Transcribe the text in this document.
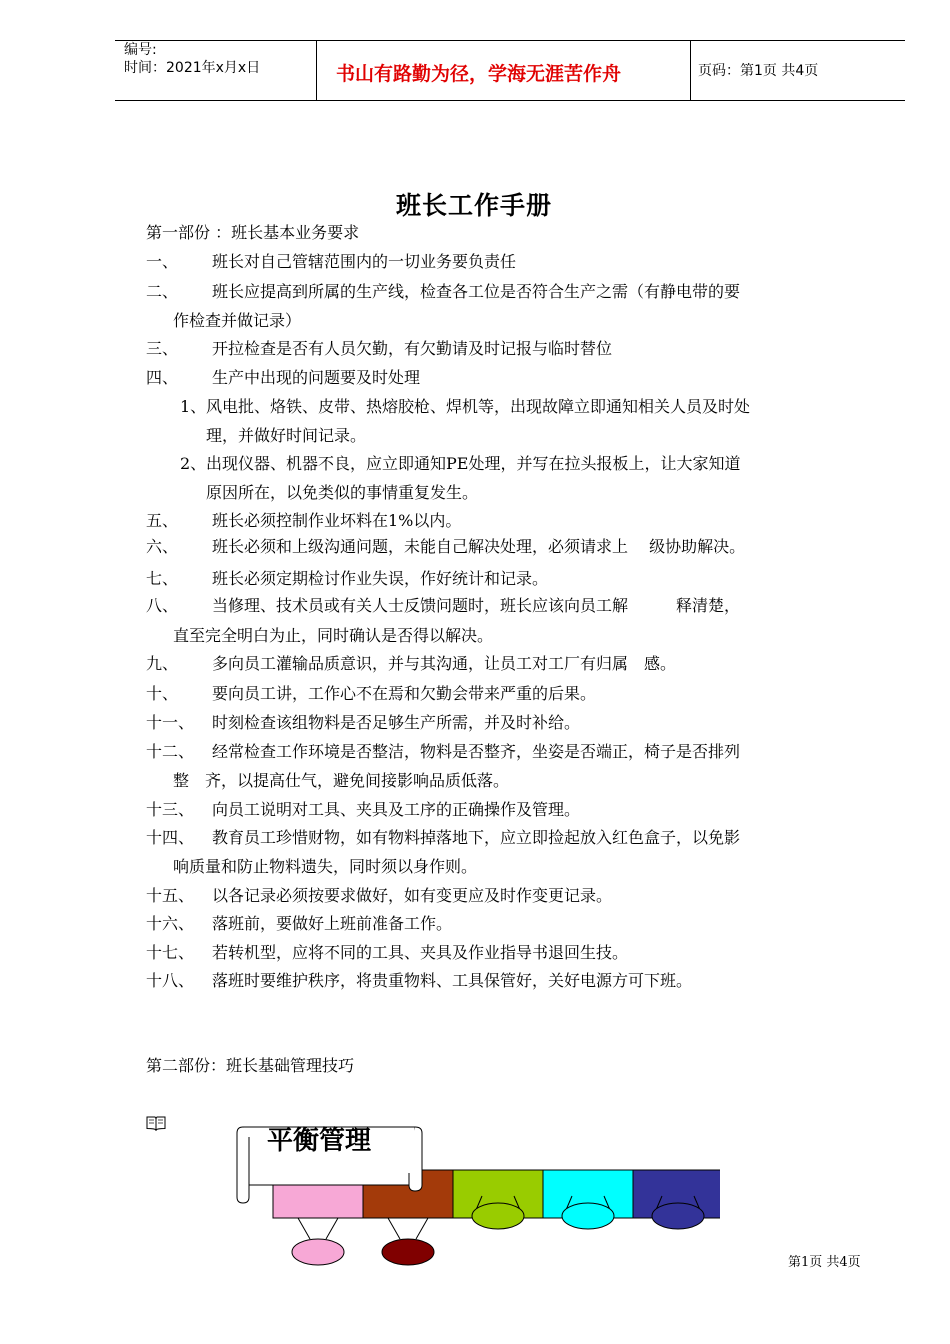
编号:
时间：2021年x月x日	书山有路勤为径，学海无涯苦作舟	页码：第1页 共4页
班长工作手册
第一部份 ：班长基本业务要求
一、 班长对自己管辖范围内的一切业务要负责任
二、 班长应提高到所属的生产线，检查各工位是否符合生产之需（有静电带的要
作检查并做记录）
三、 开拉检查是否有人员欠勤，有欠勤请及时记报与临时替位
四、 生产中出现的问题要及时处理
1、 风电批、烙铁、皮带、热熔胶枪、焊机等，出现故障立即通知相关人员及时处
理，并做好时间记录。
2、 出现仪器、机器不良，应立即通知PE处理，并写在拉头报板上，让大家知道
原因所在，以免类似的事情重复发生。
五、 班长必须控制作业坏料在1%以内。
六、 班长必须和上级沟通问题，未能自己解决处理，必须请求上　 级协助解决。
七、 班长必须定期检讨作业失误，作好统计和记录。
八、 当修理、技术员或有关人士反馈问题时，班长应该向员工解　　　释清楚，
直至完全明白为止，同时确认是否得以解决。
九、 多向员工灌输品质意识，并与其沟通，让员工对工厂有归属　感。
十、 要向员工讲，工作心不在焉和欠勤会带来严重的后果。
十一、 时刻检查该组物料是否足够生产所需，并及时补给。
十二、 经常检查工作环境是否整洁，物料是否整齐，坐姿是否端正，椅子是否排列
整　齐，以提高仕气，避免间接影响品质低落。
十三、 向员工说明对工具、夹具及工序的正确操作及管理。
十四、 教育员工珍惜财物，如有物料掉落地下，应立即捡起放入红色盒子，以免影
响质量和防止物料遗失，同时须以身作则。
十五、 以各记录必须按要求做好，如有变更应及时作变更记录。
十六、 落班前，要做好上班前准备工作。
十七、 若转机型，应将不同的工具、夹具及作业指导书退回生技。
十八、 落班时要维护秩序，将贵重物料、工具保管好，关好电源方可下班。
第二部份：班长基础管理技巧
平衡管理
第1页 共4页
